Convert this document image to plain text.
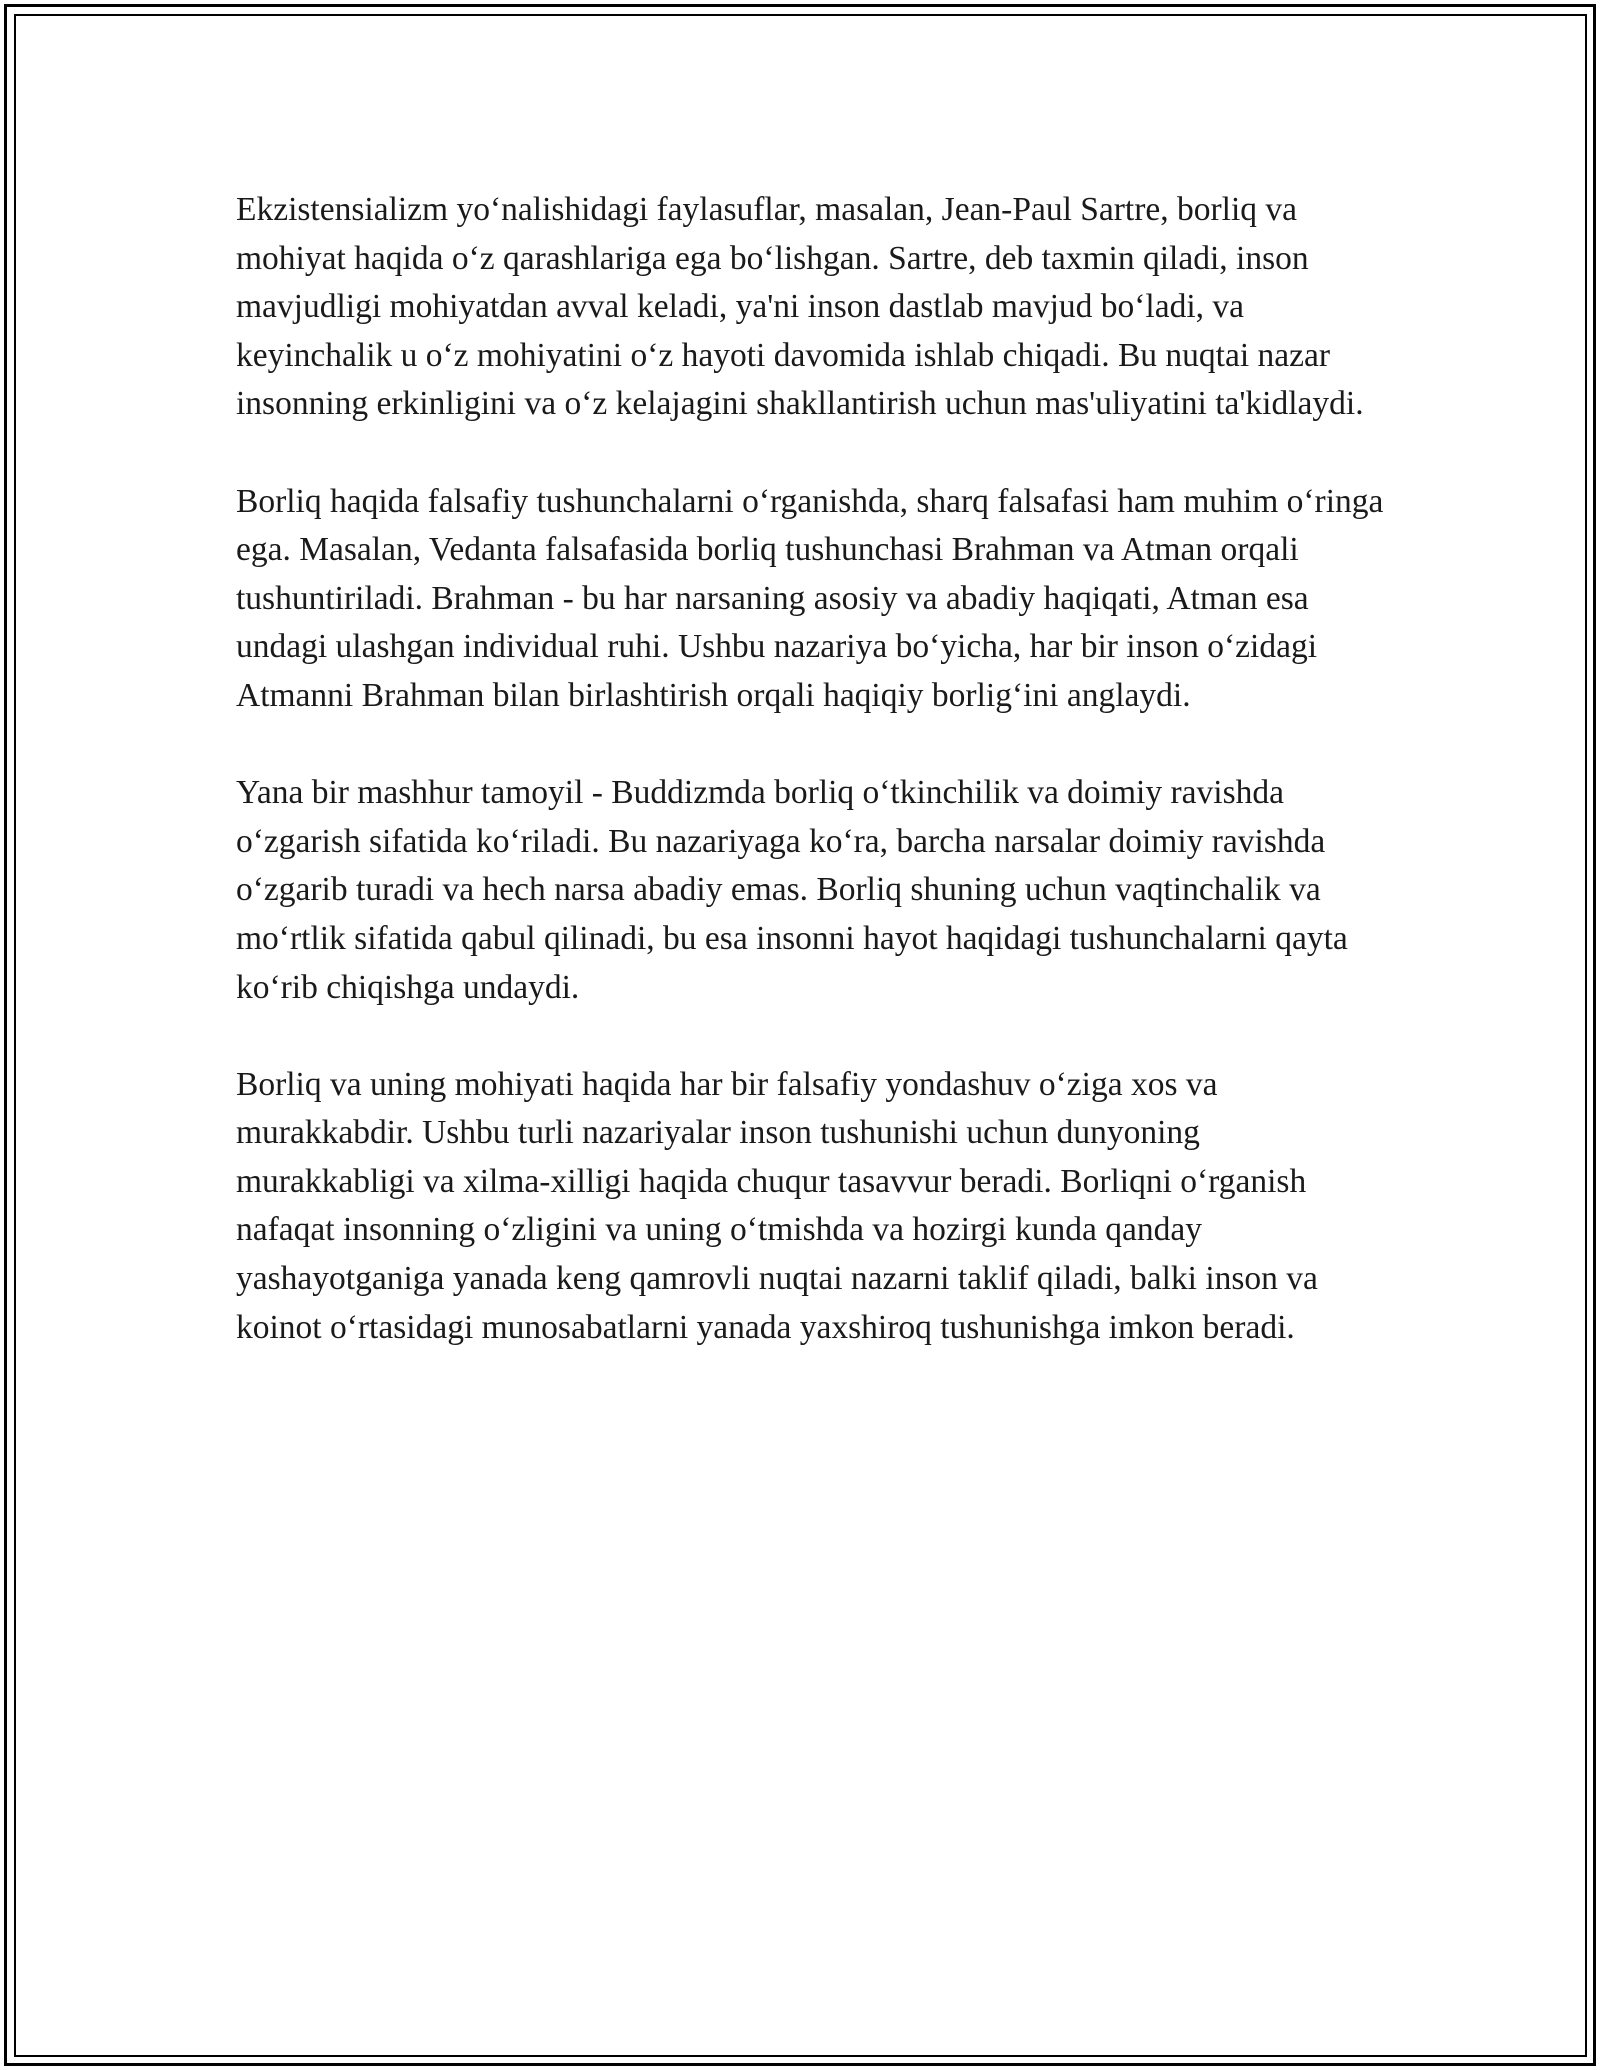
Ekzistensializm yo‘nalishidagi faylasuflar, masalan, Jean-Paul Sartre, borliq va mohiyat haqida o‘z qarashlariga ega bo‘lishgan. Sartre, deb taxmin qiladi, inson mavjudligi mohiyatdan avval keladi, ya'ni inson dastlab mavjud bo‘ladi, va keyinchalik u o‘z mohiyatini o‘z hayoti davomida ishlab chiqadi. Bu nuqtai nazar insonning erkinligini va o‘z kelajagini shakllantirish uchun mas'uliyatini ta'kidlaydi.

Borliq haqida falsafiy tushunchalarni o‘rganishda, sharq falsafasi ham muhim o‘ringa ega. Masalan, Vedanta falsafasida borliq tushunchasi Brahman va Atman orqali tushuntiriladi. Brahman - bu har narsaning asosiy va abadiy haqiqati, Atman esa undagi ulashgan individual ruhi. Ushbu nazariya bo‘yicha, har bir inson o‘zidagi Atmanni Brahman bilan birlashtirish orqali haqiqiy borlig‘ini anglaydi.

Yana bir mashhur tamoyil - Buddizmda borliq o‘tkinchilik va doimiy ravishda o‘zgarish sifatida ko‘riladi. Bu nazariyaga ko‘ra, barcha narsalar doimiy ravishda o‘zgarib turadi va hech narsa abadiy emas. Borliq shuning uchun vaqtinchalik va mo‘rtlik sifatida qabul qilinadi, bu esa insonni hayot haqidagi tushunchalarni qayta ko‘rib chiqishga undaydi.

Borliq va uning mohiyati haqida har bir falsafiy yondashuv o‘ziga xos va murakkabdir. Ushbu turli nazariyalar inson tushunishi uchun dunyoning murakkabligi va xilma-xilligi haqida chuqur tasavvur beradi. Borliqni o‘rganish nafaqat insonning o‘zligini va uning o‘tmishda va hozirgi kunda qanday yashayotganiga yanada keng qamrovli nuqtai nazarni taklif qiladi, balki inson va koinot o‘rtasidagi munosabatlarni yanada yaxshiroq tushunishga imkon beradi.
